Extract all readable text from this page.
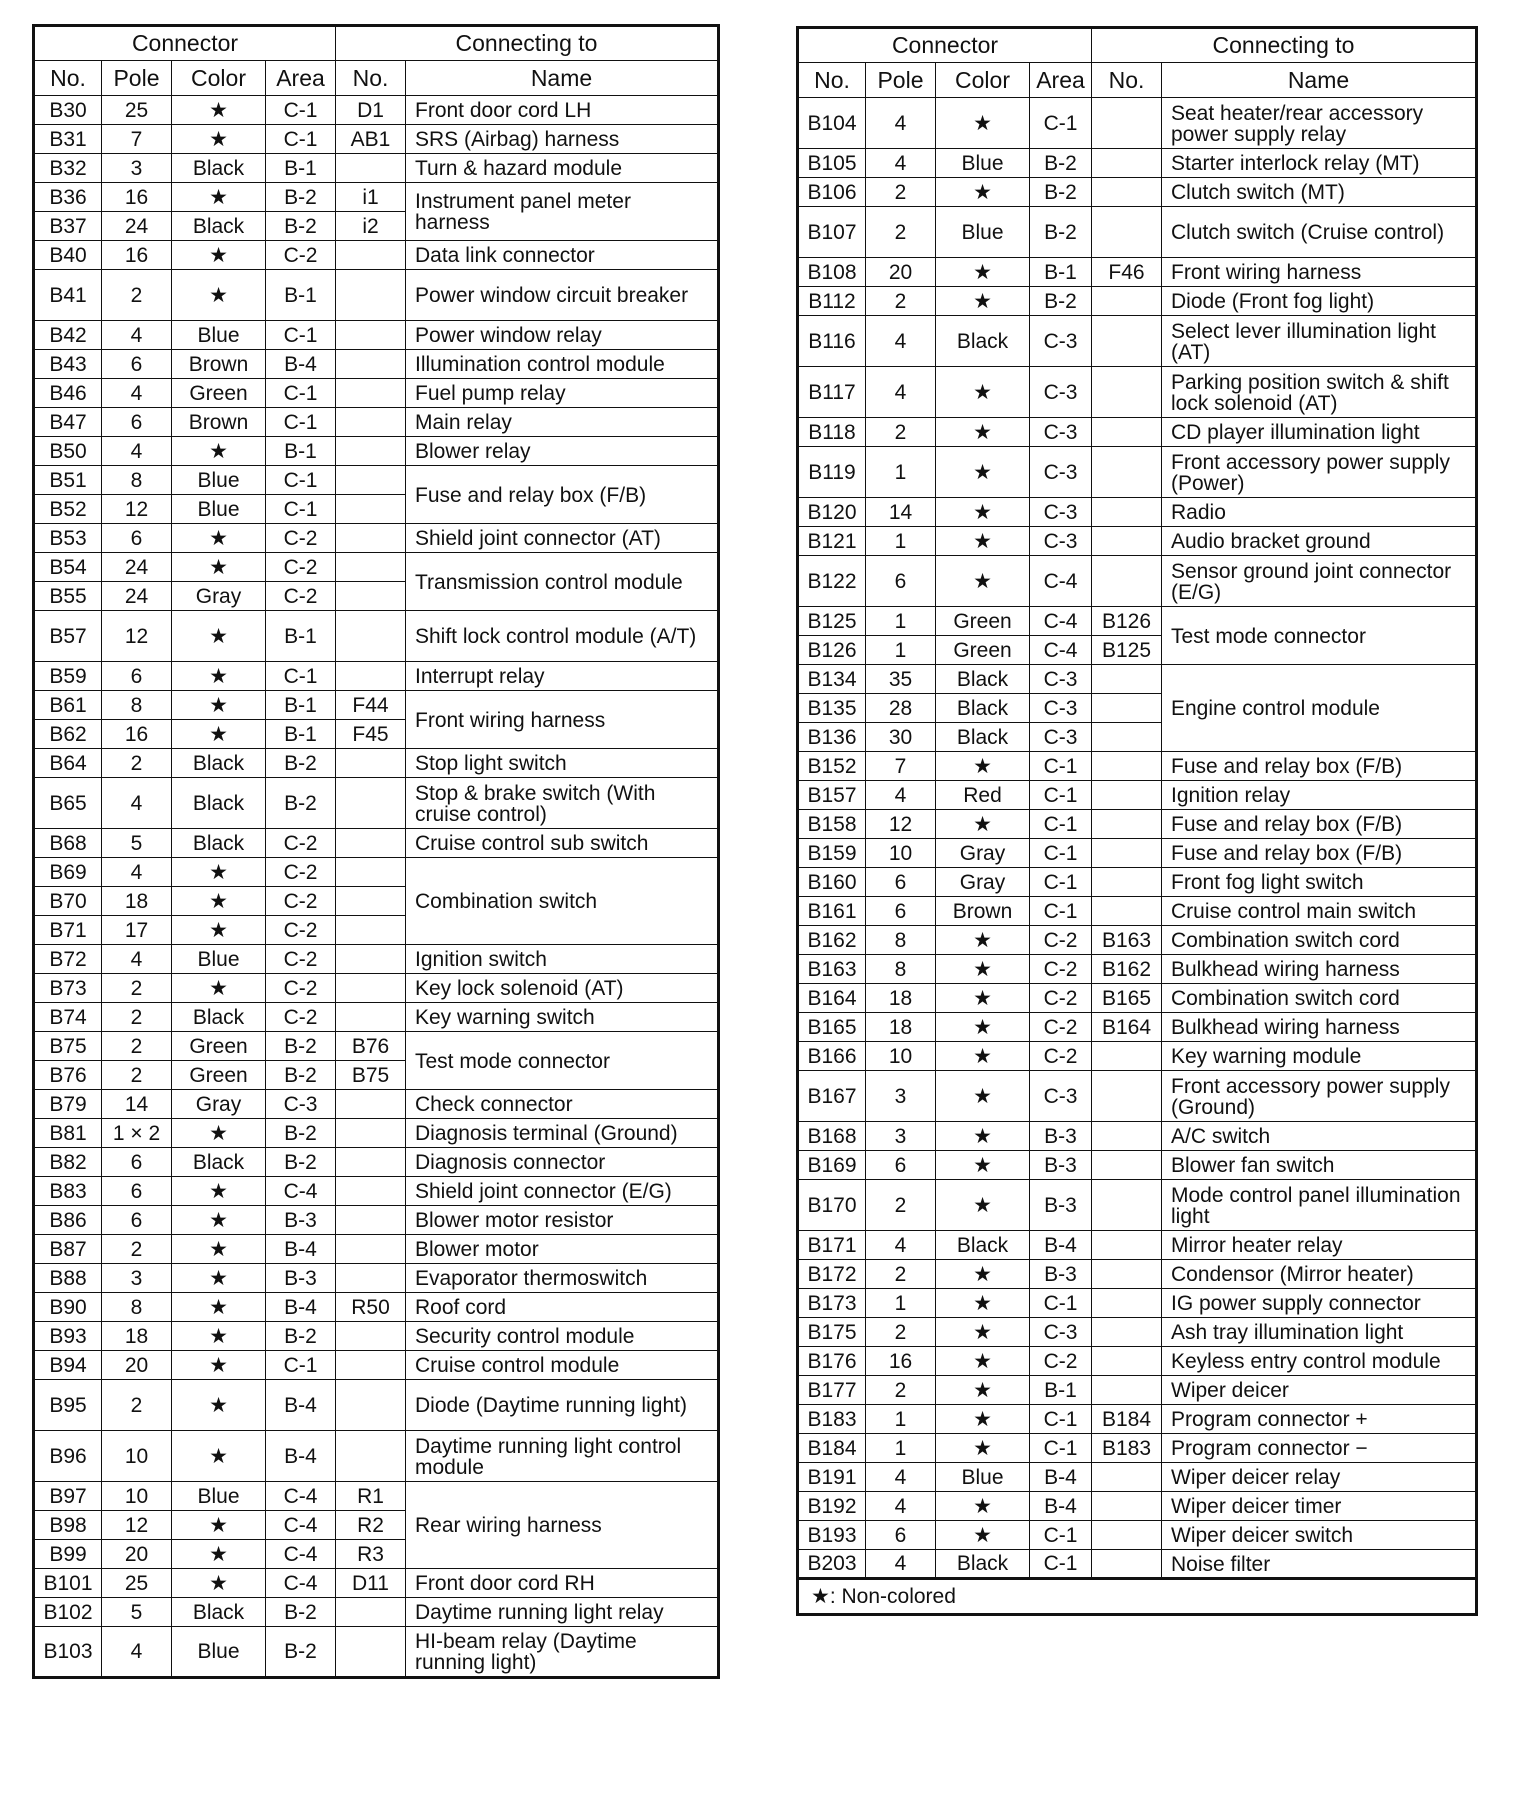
Connector				Connecting to	
No.	Pole	Color	Area	No.	Name
B30	25	★	C-1	D1	Front door cord LH
B31	7	★	C-1	AB1	SRS (Airbag) harness
B32	3	Black	B-1		Turn & hazard module
B36	16	★	B-2	i1	Instrument panel meter harness
B37	24	Black	B-2	i2	
B40	16	★	C-2		Data link connector
B41	2	★	B-1		Power window circuit breaker
B42	4	Blue	C-1		Power window relay
B43	6	Brown	B-4		Illumination control module
B46	4	Green	C-1		Fuel pump relay
B47	6	Brown	C-1		Main relay
B50	4	★	B-1		Blower relay
B51	8	Blue	C-1		Fuse and relay box (F/B)
B52	12	Blue	C-1		
B53	6	★	C-2		Shield joint connector (AT)
B54	24	★	C-2		Transmission control module
B55	24	Gray	C-2		
B57	12	★	B-1		Shift lock control module (A/T)
B59	6	★	C-1		Interrupt relay
B61	8	★	B-1	F44	Front wiring harness
B62	16	★	B-1	F45	
B64	2	Black	B-2		Stop light switch
B65	4	Black	B-2		Stop & brake switch (With cruise control)
B68	5	Black	C-2		Cruise control sub switch
B69	4	★	C-2		Combination switch
B70	18	★	C-2		
B71	17	★	C-2		
B72	4	Blue	C-2		Ignition switch
B73	2	★	C-2		Key lock solenoid (AT)
B74	2	Black	C-2		Key warning switch
B75	2	Green	B-2	B76	Test mode connector
B76	2	Green	B-2	B75	
B79	14	Gray	C-3		Check connector
B81	1 × 2	★	B-2		Diagnosis terminal (Ground)
B82	6	Black	B-2		Diagnosis connector
B83	6	★	C-4		Shield joint connector (E/G)
B86	6	★	B-3		Blower motor resistor
B87	2	★	B-4		Blower motor
B88	3	★	B-3		Evaporator thermoswitch
B90	8	★	B-4	R50	Roof cord
B93	18	★	B-2		Security control module
B94	20	★	C-1		Cruise control module
B95	2	★	B-4		Diode (Daytime running light)
B96	10	★	B-4		Daytime running light control module
B97	10	Blue	C-4	R1	Rear wiring harness
B98	12	★	C-4	R2	
B99	20	★	C-4	R3	
B101	25	★	C-4	D11	Front door cord RH
B102	5	Black	B-2		Daytime running light relay
B103	4	Blue	B-2		HI-beam relay (Daytime running light)
Connector				Connecting to	
No.	Pole	Color	Area	No.	Name
B104	4	★	C-1		Seat heater/rear accessory power supply relay
B105	4	Blue	B-2		Starter interlock relay (MT)
B106	2	★	B-2		Clutch switch (MT)
B107	2	Blue	B-2		Clutch switch (Cruise control)
B108	20	★	B-1	F46	Front wiring harness
B112	2	★	B-2		Diode (Front fog light)
B116	4	Black	C-3		Select lever illumination light (AT)
B117	4	★	C-3		Parking position switch & shift lock solenoid (AT)
B118	2	★	C-3		CD player illumination light
B119	1	★	C-3		Front accessory power supply (Power)
B120	14	★	C-3		Radio
B121	1	★	C-3		Audio bracket ground
B122	6	★	C-4		Sensor ground joint connector (E/G)
B125	1	Green	C-4	B126	Test mode connector
B126	1	Green	C-4	B125	
B134	35	Black	C-3		Engine control module
B135	28	Black	C-3		
B136	30	Black	C-3		
B152	7	★	C-1		Fuse and relay box (F/B)
B157	4	Red	C-1		Ignition relay
B158	12	★	C-1		Fuse and relay box (F/B)
B159	10	Gray	C-1		Fuse and relay box (F/B)
B160	6	Gray	C-1		Front fog light switch
B161	6	Brown	C-1		Cruise control main switch
B162	8	★	C-2	B163	Combination switch cord
B163	8	★	C-2	B162	Bulkhead wiring harness
B164	18	★	C-2	B165	Combination switch cord
B165	18	★	C-2	B164	Bulkhead wiring harness
B166	10	★	C-2		Key warning module
B167	3	★	C-3		Front accessory power supply (Ground)
B168	3	★	B-3		A/C switch
B169	6	★	B-3		Blower fan switch
B170	2	★	B-3		Mode control panel illumination light
B171	4	Black	B-4		Mirror heater relay
B172	2	★	B-3		Condensor (Mirror heater)
B173	1	★	C-1		IG power supply connector
B175	2	★	C-3		Ash tray illumination light
B176	16	★	C-2		Keyless entry control module
B177	2	★	B-1		Wiper deicer
B183	1	★	C-1	B184	Program connector +
B184	1	★	C-1	B183	Program connector −
B191	4	Blue	B-4		Wiper deicer relay
B192	4	★	B-4		Wiper deicer timer
B193	6	★	C-1		Wiper deicer switch
B203	4	Black	C-1		Noise filter
★: Non-colored
